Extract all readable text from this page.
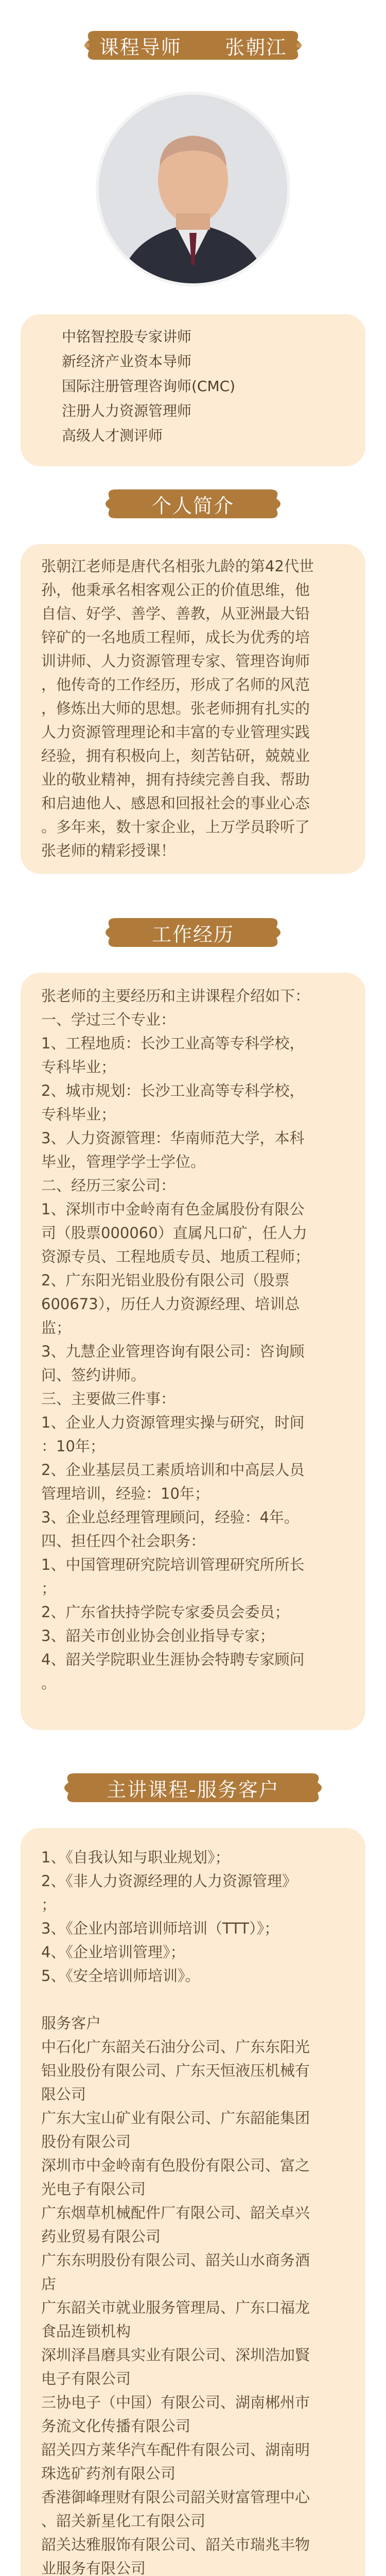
课程导师      张朝江
中铭智控股专家讲师
新经济产业资本导师
国际注册管理咨询师(CMC)
注册人力资源管理师
高级人才测评师
个人简介
张朝江老师是唐代名相张九龄的第42代世
孙，他秉承名相客观公正的价值思维，他
自信、好学、善学、善教，从亚洲最大铅
锌矿的一名地质工程师，成长为优秀的培
训讲师、人力资源管理专家、管理咨询师
，他传奇的工作经历，形成了名师的风范
，修炼出大师的思想。张老师拥有扎实的
人力资源管理理论和丰富的专业管理实践
经验，拥有积极向上，刻苦钻研，兢兢业
业的敬业精神，拥有持续完善自我、帮助
和启迪他人、感恩和回报社会的事业心态
。多年来，数十家企业，上万学员聆听了
张老师的精彩授课！
工作经历
张老师的主要经历和主讲课程介绍如下：
一、学过三个专业：
1、工程地质：长沙工业高等专科学校，
专科毕业；
2、城市规划：长沙工业高等专科学校，
专科毕业；
3、人力资源管理：华南师范大学，本科
毕业，管理学学士学位。
二、经历三家公司：
1、深圳市中金岭南有色金属股份有限公
司（股票000060）直属凡口矿，任人力
资源专员、工程地质专员、地质工程师；
2、广东阳光铝业股份有限公司（股票
600673），历任人力资源经理、培训总
监；
3、九慧企业管理咨询有限公司：咨询顾
问、签约讲师。
三、主要做三件事：
1、企业人力资源管理实操与研究，时间
：10年；
2、企业基层员工素质培训和中高层人员
管理培训，经验：10年；
3、企业总经理管理顾问，经验：4年。
四、担任四个社会职务：
1、中国管理研究院培训管理研究所所长
；
2、广东省扶持学院专家委员会委员；
3、韶关市创业协会创业指导专家；
4、韶关学院职业生涯协会特聘专家顾问
。
主讲课程-服务客户
1、《自我认知与职业规划》；
2、《非人力资源经理的人力资源管理》
；
3、《企业内部培训师培训（TTT）》；
4、《企业培训管理》；
5、《安全培训师培训》。
服务客户
中石化广东韶关石油分公司、广东东阳光
铝业股份有限公司、广东天恒液压机械有
限公司
广东大宝山矿业有限公司、广东韶能集团
股份有限公司
深圳市中金岭南有色股份有限公司、富之
光电子有限公司
广东烟草机械配件厂有限公司、韶关卓兴
药业贸易有限公司
广东东明股份有限公司、韶关山水商务酒
店
广东韶关市就业服务管理局、广东口福龙
食品连锁机构
深圳泽昌磨具实业有限公司、深圳浩加賢
电子有限公司
三协电子（中国）有限公司、湖南郴州市
务流文化传播有限公司
韶关四方莱华汽车配件有限公司、湖南明
珠选矿药剂有限公司
香港御峰理财有限公司韶关财富管理中心
、韶关新星化工有限公司
韶关达雅服饰有限公司、韶关市瑞兆丰物
业服务有限公司
